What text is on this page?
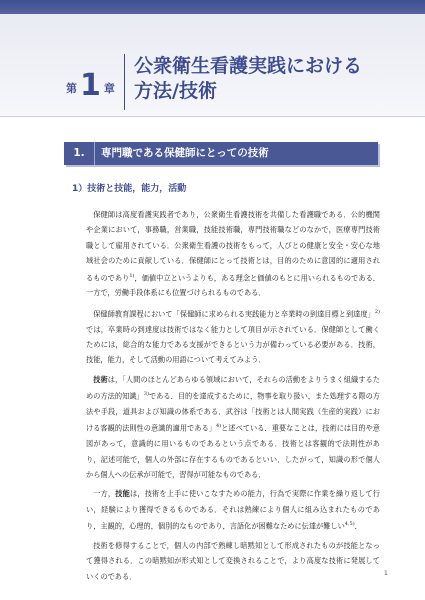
第 1 章
公衆衛生看護実践における
方法/技術
1. 専門職である保健師にとっての技術
1）技術と技能，能力，活動

保健師は高度看護実践者であり，公衆衛生看護技術を共備した看護職である．公的機関や企業において，事務職，営業職，技能技術職，専門技術職などのなかで，医療専門技術職として雇用されている．公衆衛生看護の技術をもって，人びとの健康と安全・安心な地域社会のために貢献している．保健師にとって技術とは，目的のために意図的に適用されるものであり$^{1)}$，価値中立というよりも，ある理念と価値のもとに用いられるものである．一方で，労働手段体系にも位置づけられるものである．

保健師教育課程において「保健師に求められる実践能力と卒業時の到達目標と到達度」$^{2)}$では，卒業時の到達度は技術ではなく能力として項目が示されている．保健師として働くためには，総合的な能力である支援ができるという力が備わっている必要がある．技術，技能，能力，そして活動の用語について考えてみよう．

技術は，「人間のほとんどあらゆる領域において，それらの活動をよりうまく組織するための方法的知識」$^{3)}$である．目的を達成するために，物事を取り扱い，また処理する際の方法や手段，道具および知識の体系である．武谷は「技術とは人間実践（生産的実践）における客観的法則性の意識的適用である」$^{4)}$と述べている．重要なことは，技術には目的や意図があって，意識的に用いるものであるという点である．技術とは客観的で法則性があり，記述可能で，個人の外部に存在するものであるといい．したがって，知識の形で個人から個人への伝承が可能で，習得が可能なものである．

一方，技能は，技術を上手に使いこなすための能力，行為で実際に作業を繰り返して行い，経験により獲得できるものである．それは熟練により個人に組み込まれたものであり，主観的，心理的，個別的なものであり，言語化が困難なために伝達が難しい$^{4,5)}$．

技術を修得することで，個人の内部で熟練し暗黙知として形成されたものが技能となって獲得される．この暗黙知が形式知として変換されることで，より高度な技術に発展していくのである．	1
